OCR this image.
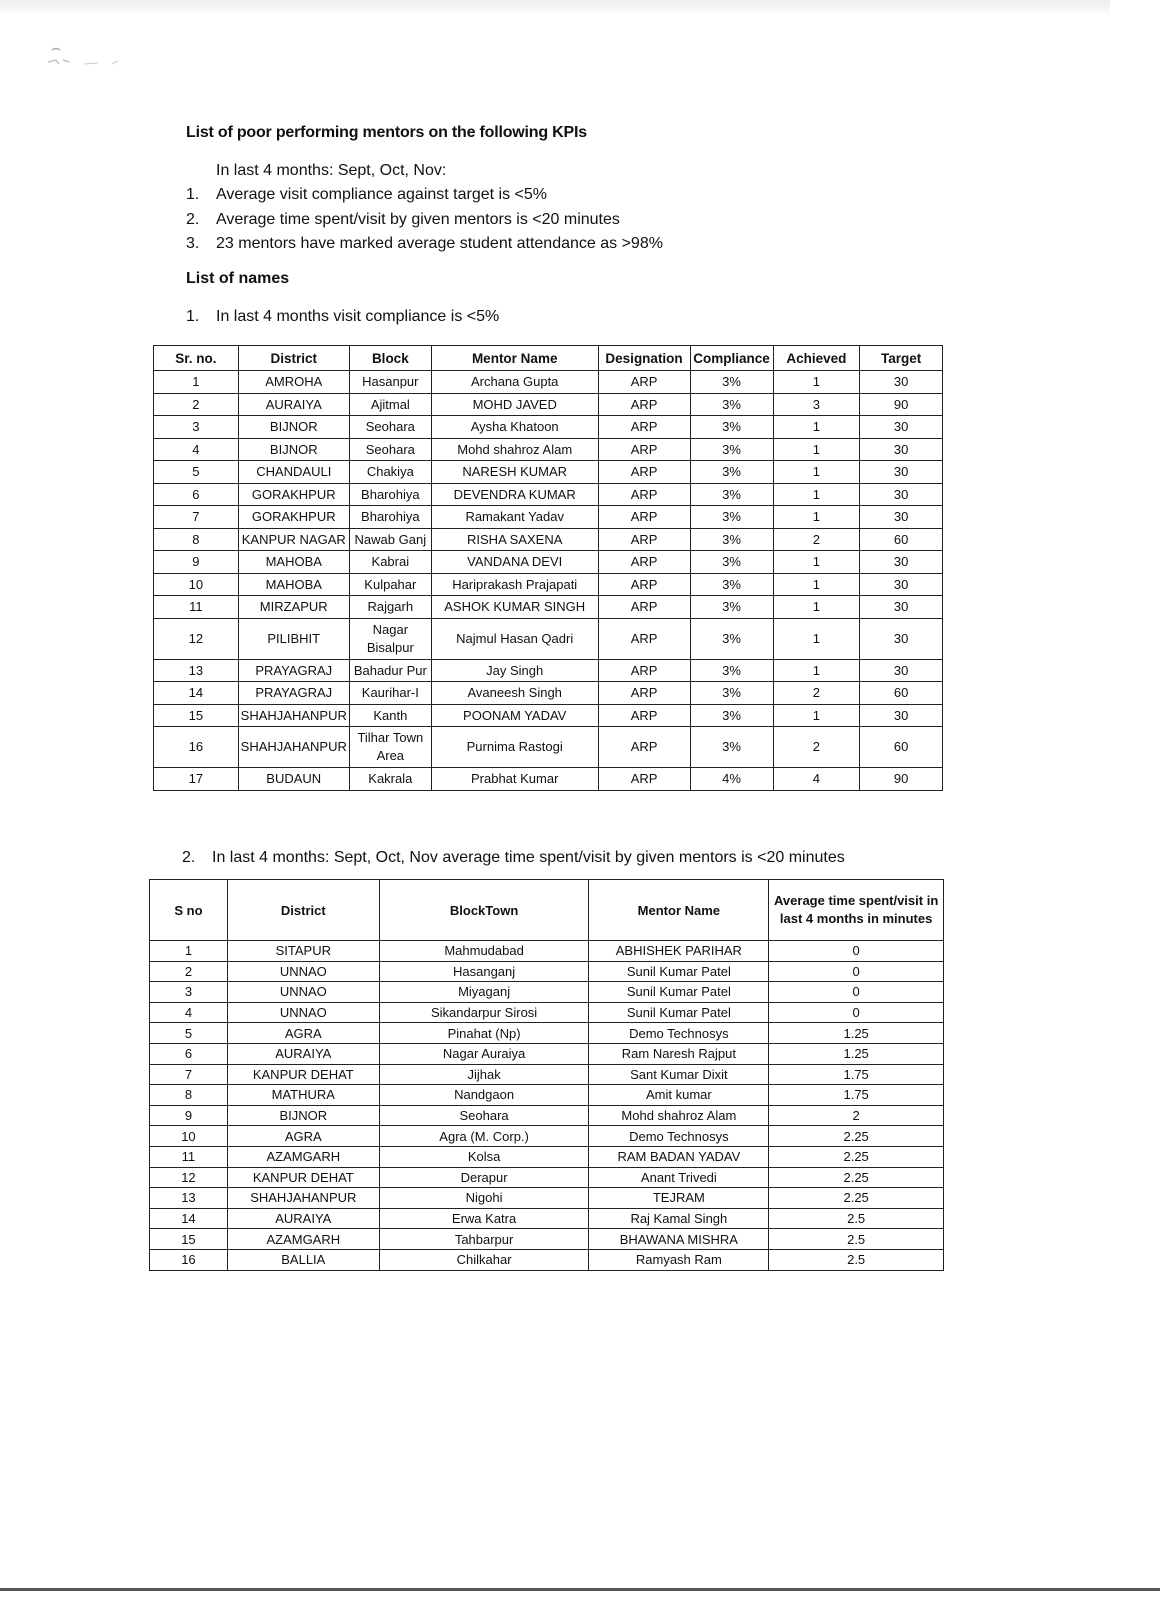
List of poor performing mentors on the following KPIs
In last 4 months: Sept, Oct, Nov:
1.	Average visit compliance against target is <5%
2.	Average time spent/visit by given mentors is <20 minutes
3.	23 mentors have marked average student attendance as >98%
List of names
1.	In last 4 months visit compliance is <5%
Sr. no.	District	Block	Mentor Name	Designation	Compliance	Achieved	Target
1	AMROHA	Hasanpur	Archana Gupta	ARP	3%	1	30
2	AURAIYA	Ajitmal	MOHD JAVED	ARP	3%	3	90
3	BIJNOR	Seohara	Aysha Khatoon	ARP	3%	1	30
4	BIJNOR	Seohara	Mohd shahroz Alam	ARP	3%	1	30
5	CHANDAULI	Chakiya	NARESH KUMAR	ARP	3%	1	30
6	GORAKHPUR	Bharohiya	DEVENDRA KUMAR	ARP	3%	1	30
7	GORAKHPUR	Bharohiya	Ramakant Yadav	ARP	3%	1	30
8	KANPUR NAGAR	Nawab Ganj	RISHA SAXENA	ARP	3%	2	60
9	MAHOBA	Kabrai	VANDANA DEVI	ARP	3%	1	30
10	MAHOBA	Kulpahar	Hariprakash Prajapati	ARP	3%	1	30
11	MIRZAPUR	Rajgarh	ASHOK KUMAR SINGH	ARP	3%	1	30
12	PILIBHIT	Nagar Bisalpur	Najmul Hasan Qadri	ARP	3%	1	30
13	PRAYAGRAJ	Bahadur Pur	Jay Singh	ARP	3%	1	30
14	PRAYAGRAJ	Kaurihar-I	Avaneesh Singh	ARP	3%	2	60
15	SHAHJAHANPUR	Kanth	POONAM YADAV	ARP	3%	1	30
16	SHAHJAHANPUR	Tilhar Town Area	Purnima Rastogi	ARP	3%	2	60
17	BUDAUN	Kakrala	Prabhat Kumar	ARP	4%	4	90
2.	In last 4 months: Sept, Oct, Nov average time spent/visit by given mentors is <20 minutes
S no	District	BlockTown	Mentor Name	Average time spent/visit in last 4 months in minutes
1	SITAPUR	Mahmudabad	ABHISHEK PARIHAR	0
2	UNNAO	Hasanganj	Sunil Kumar Patel	0
3	UNNAO	Miyaganj	Sunil Kumar Patel	0
4	UNNAO	Sikandarpur Sirosi	Sunil Kumar Patel	0
5	AGRA	Pinahat (Np)	Demo Technosys	1.25
6	AURAIYA	Nagar Auraiya	Ram Naresh Rajput	1.25
7	KANPUR DEHAT	Jijhak	Sant Kumar Dixit	1.75
8	MATHURA	Nandgaon	Amit kumar	1.75
9	BIJNOR	Seohara	Mohd shahroz Alam	2
10	AGRA	Agra (M. Corp.)	Demo Technosys	2.25
11	AZAMGARH	Kolsa	RAM BADAN YADAV	2.25
12	KANPUR DEHAT	Derapur	Anant Trivedi	2.25
13	SHAHJAHANPUR	Nigohi	TEJRAM	2.25
14	AURAIYA	Erwa Katra	Raj Kamal Singh	2.5
15	AZAMGARH	Tahbarpur	BHAWANA MISHRA	2.5
16	BALLIA	Chilkahar	Ramyash Ram	2.5
